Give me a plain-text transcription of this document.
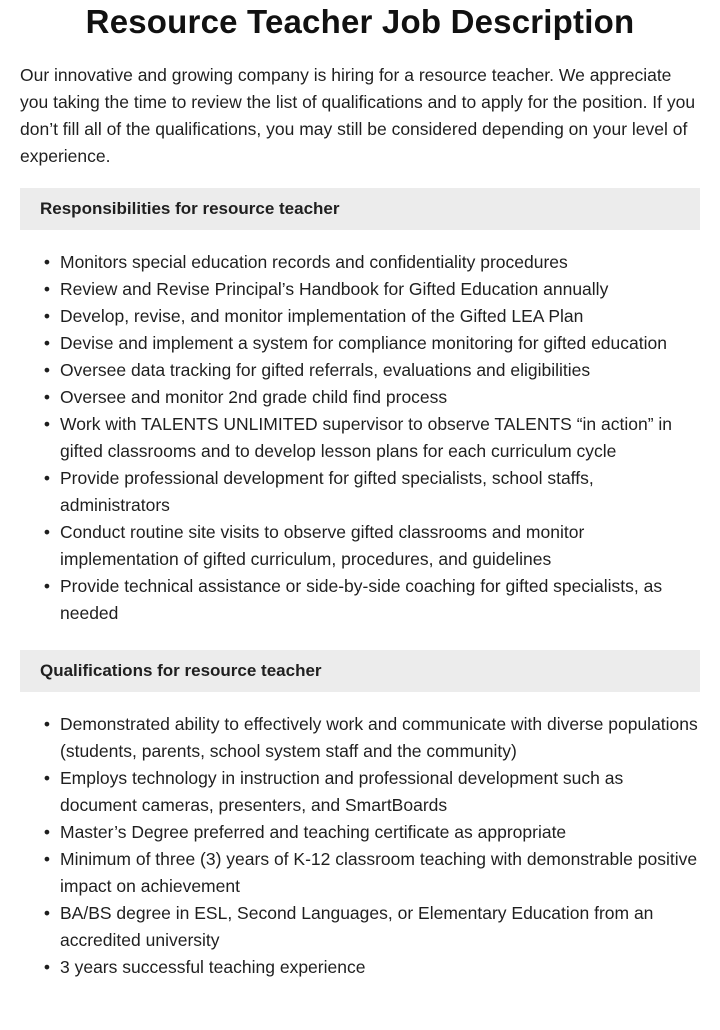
Resource Teacher Job Description

Our innovative and growing company is hiring for a resource teacher. We appreciate you taking the time to review the list of qualifications and to apply for the position. If you don’t fill all of the qualifications, you may still be considered depending on your level of experience.

Responsibilities for resource teacher
• Monitors special education records and confidentiality procedures
• Review and Revise Principal’s Handbook for Gifted Education annually
• Develop, revise, and monitor implementation of the Gifted LEA Plan
• Devise and implement a system for compliance monitoring for gifted education
• Oversee data tracking for gifted referrals, evaluations and eligibilities
• Oversee and monitor 2nd grade child find process
• Work with TALENTS UNLIMITED supervisor to observe TALENTS “in action” in gifted classrooms and to develop lesson plans for each curriculum cycle
• Provide professional development for gifted specialists, school staffs, administrators
• Conduct routine site visits to observe gifted classrooms and monitor implementation of gifted curriculum, procedures, and guidelines
• Provide technical assistance or side-by-side coaching for gifted specialists, as needed
Qualifications for resource teacher
• Demonstrated ability to effectively work and communicate with diverse populations (students, parents, school system staff and the community)
• Employs technology in instruction and professional development such as document cameras, presenters, and SmartBoards
• Master’s Degree preferred and teaching certificate as appropriate
• Minimum of three (3) years of K-12 classroom teaching with demonstrable positive impact on achievement
• BA/BS degree in ESL, Second Languages, or Elementary Education from an accredited university
• 3 years successful teaching experience
